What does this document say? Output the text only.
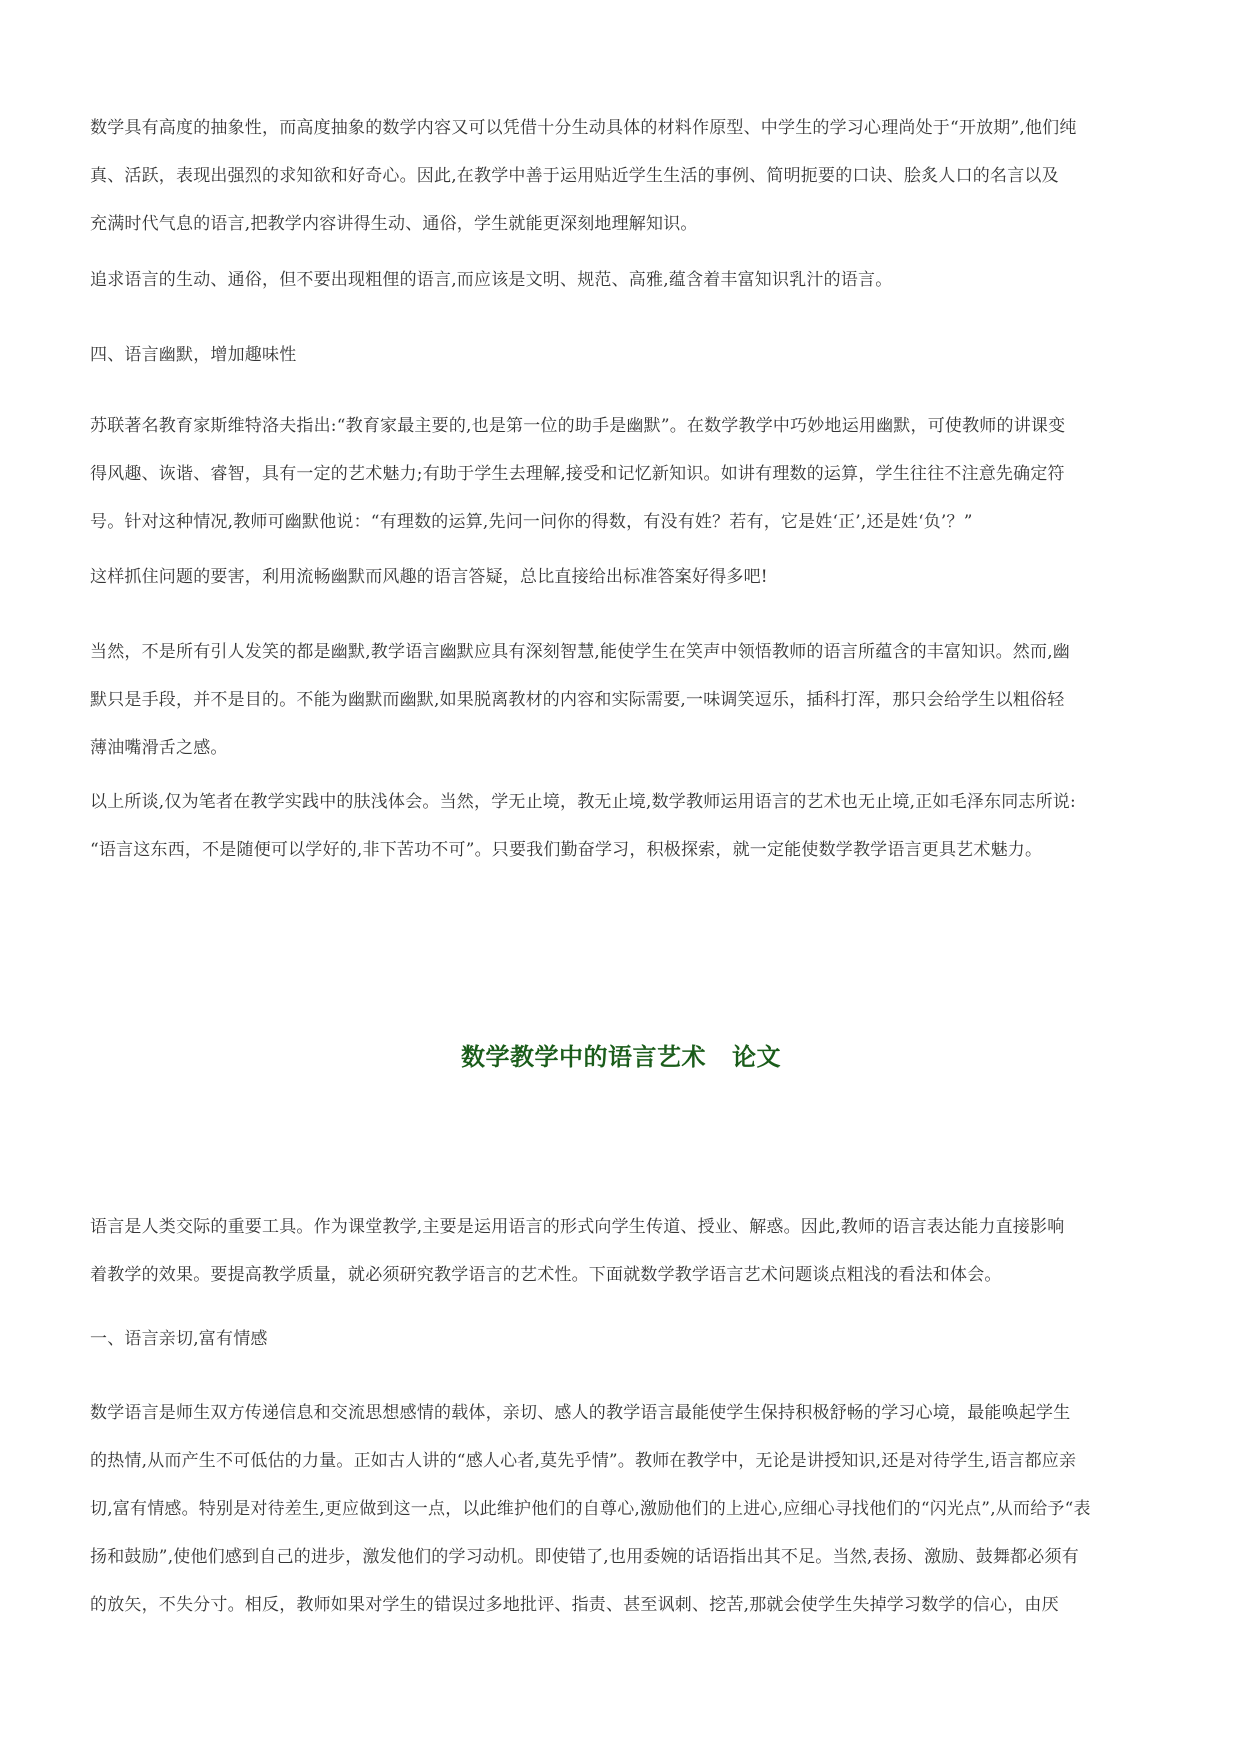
数学具有高度的抽象性，而高度抽象的数学内容又可以凭借十分生动具体的材料作原型、中学生的学习心理尚处于“开放期”,他们纯
真、活跃，表现出强烈的求知欲和好奇心。因此,在教学中善于运用贴近学生生活的事例、简明扼要的口诀、脍炙人口的名言以及
充满时代气息的语言,把教学内容讲得生动、通俗，学生就能更深刻地理解知识。

追求语言的生动、通俗，但不要出现粗俚的语言,而应该是文明、规范、高雅,蕴含着丰富知识乳汁的语言。

四、语言幽默，增加趣味性

苏联著名教育家斯维特洛夫指出:“教育家最主要的,也是第一位的助手是幽默”。在数学教学中巧妙地运用幽默，可使教师的讲课变
得风趣、诙谐、睿智，具有一定的艺术魅力;有助于学生去理解,接受和记忆新知识。如讲有理数的运算，学生往往不注意先确定符
号。针对这种情况,教师可幽默他说：“有理数的运算,先问一问你的得数，有没有姓？若有，它是姓‘正’,还是姓‘负’？”

这样抓住问题的要害，利用流畅幽默而风趣的语言答疑，总比直接给出标准答案好得多吧!

当然，不是所有引人发笑的都是幽默,教学语言幽默应具有深刻智慧,能使学生在笑声中领悟教师的语言所蕴含的丰富知识。然而,幽
默只是手段，并不是目的。不能为幽默而幽默,如果脱离教材的内容和实际需要,一味调笑逗乐，插科打浑，那只会给学生以粗俗轻
薄油嘴滑舌之感。

以上所谈,仅为笔者在教学实践中的肤浅体会。当然，学无止境，教无止境,数学教师运用语言的艺术也无止境,正如毛泽东同志所说:
“语言这东西，不是随便可以学好的,非下苦功不可”。只要我们勤奋学习，积极探索，就一定能使数学教学语言更具艺术魅力。

数学教学中的语言艺术 论文

语言是人类交际的重要工具。作为课堂教学,主要是运用语言的形式向学生传道、授业、解惑。因此,教师的语言表达能力直接影响
着教学的效果。要提高教学质量，就必须研究教学语言的艺术性。下面就数学教学语言艺术问题谈点粗浅的看法和体会。

一、语言亲切,富有情感

数学语言是师生双方传递信息和交流思想感情的载体，亲切、感人的教学语言最能使学生保持积极舒畅的学习心境，最能唤起学生
的热情,从而产生不可低估的力量。正如古人讲的“感人心者,莫先乎情”。教师在教学中，无论是讲授知识,还是对待学生,语言都应亲
切,富有情感。特别是对待差生,更应做到这一点，以此维护他们的自尊心,激励他们的上进心,应细心寻找他们的“闪光点”,从而给予“表
扬和鼓励”,使他们感到自己的进步，激发他们的学习动机。即使错了,也用委婉的话语指出其不足。当然,表扬、激励、鼓舞都必须有
的放矢，不失分寸。相反，教师如果对学生的错误过多地批评、指责、甚至讽刺、挖苦,那就会使学生失掉学习数学的信心，由厌
